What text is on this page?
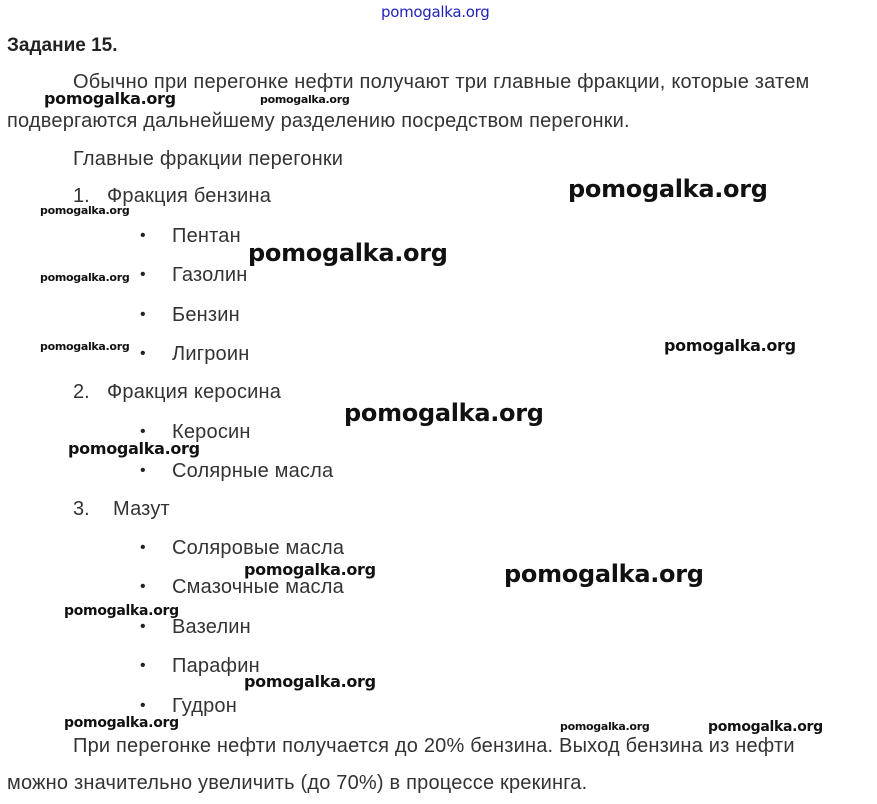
pomogalka.org
Задание 15.
Обычно при перегонке нефти получают три главные фракции, которые затем
подвергаются дальнейшему разделению посредством перегонки.
Главные фракции перегонки
1. Фракция бензина
• Пентан
• Газолин
• Бензин
• Лигроин
2. Фракция керосина
• Керосин
• Солярные масла
3. Мазут
• Соляровые масла
• Смазочные масла
• Вазелин
• Парафин
• Гудрон
При перегонке нефти получается до 20% бензина. Выход бензина из нефти
можно значительно увеличить (до 70%) в процессе крекинга.
pomogalka.org	pomogalka.org
pomogalka.org
pomogalka.org
pomogalka.org
pomogalka.org
pomogalka.org	pomogalka.org
pomogalka.org
pomogalka.org
pomogalka.org	pomogalka.org
pomogalka.org
pomogalka.org
pomogalka.org	pomogalka.org	pomogalka.org
